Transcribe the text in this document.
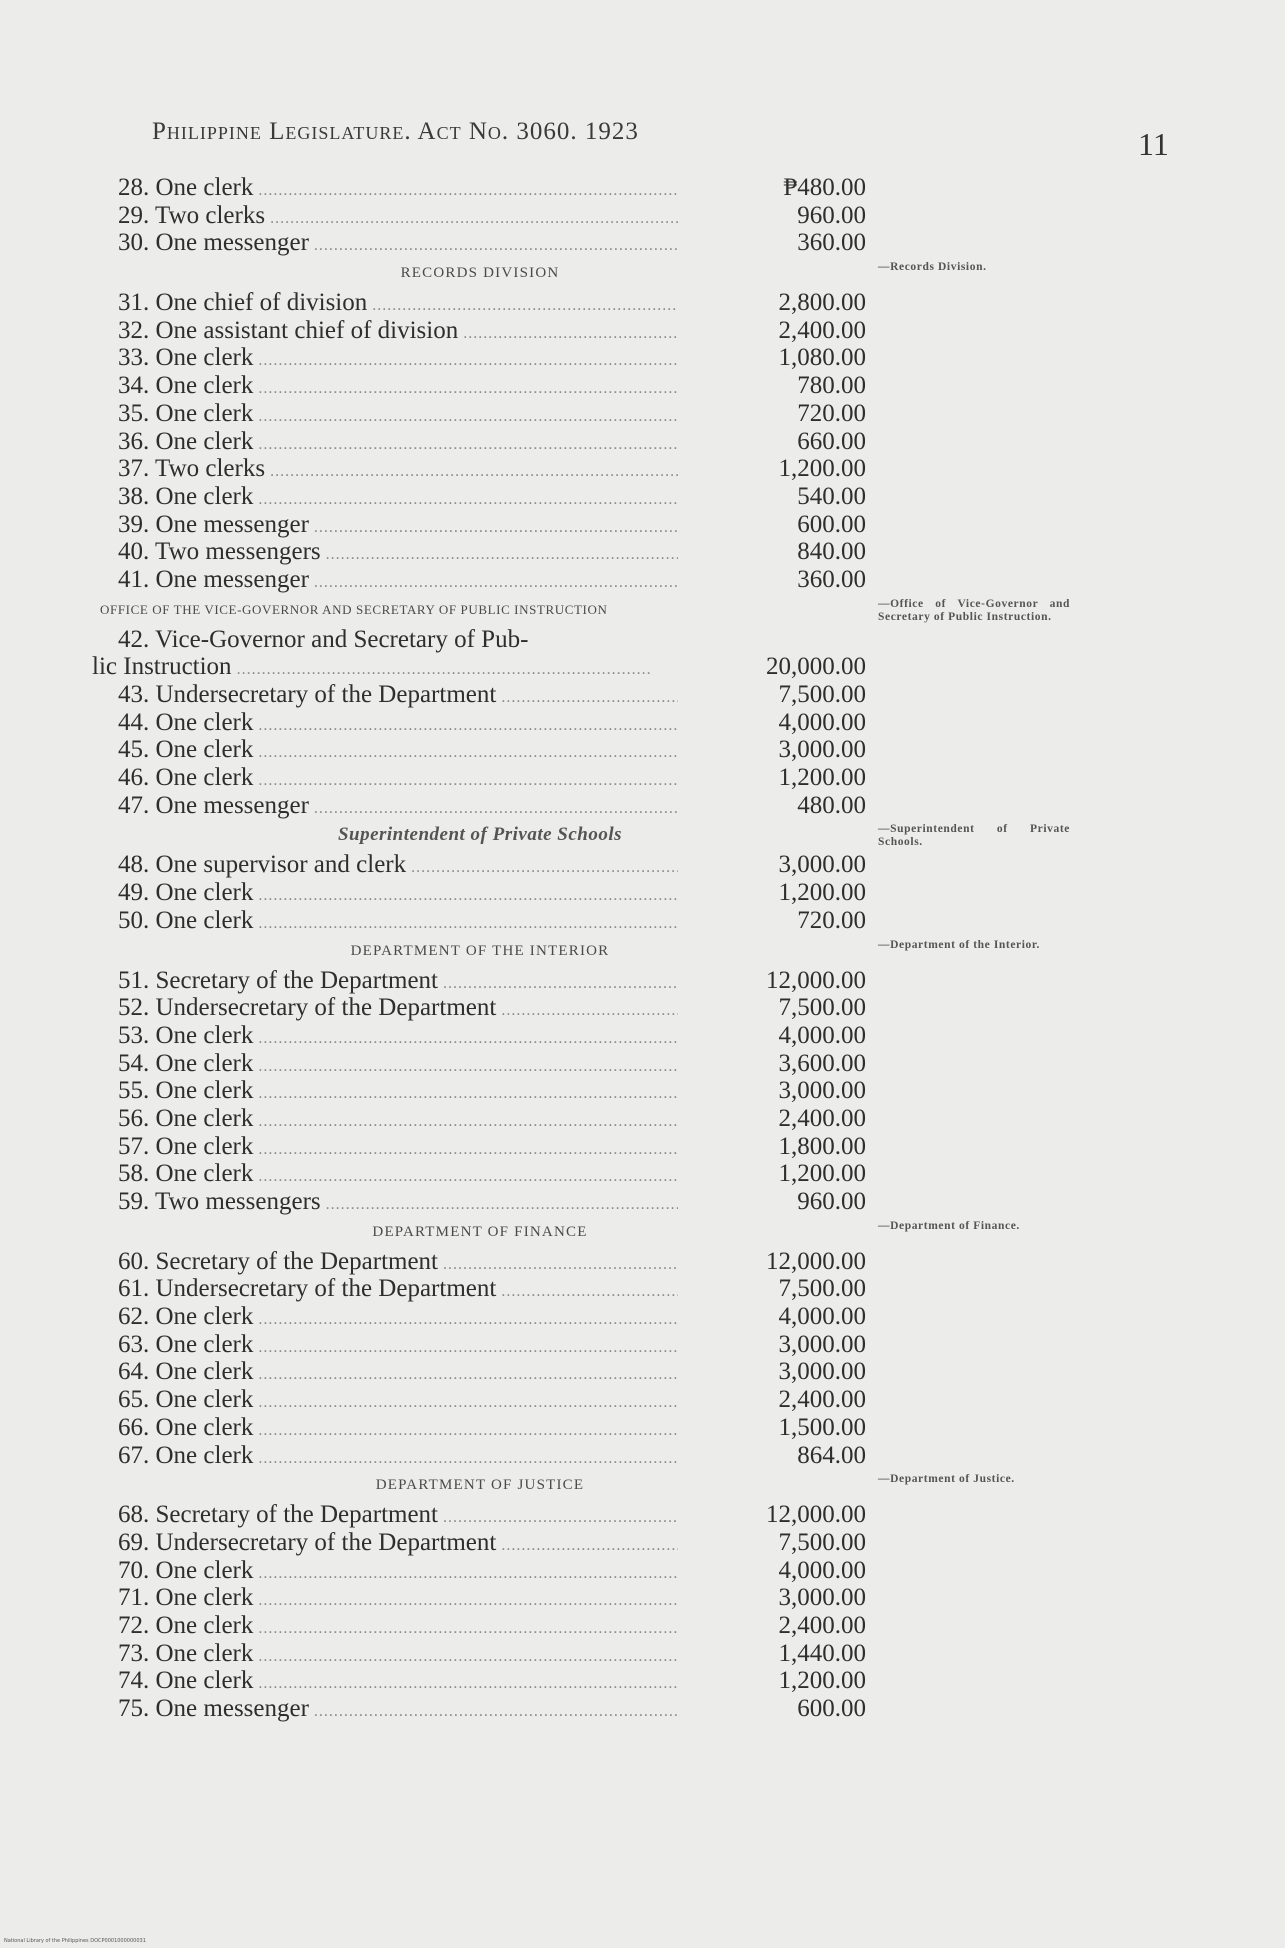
Philippine Legislature. Act No. 3060. 1923	11
28. One clerk .....	₱480.00
29. Two clerks .....	960.00
30. One messenger .....	360.00
RECORDS DIVISION
31. One chief of division .....	2,800.00
32. One assistant chief of division .....	2,400.00
33. One clerk .....	1,080.00
34. One clerk .....	780.00
35. One clerk .....	720.00
36. One clerk .....	660.00
37. Two clerks .....	1,200.00
38. One clerk .....	540.00
39. One messenger .....	600.00
40. Two messengers .....	840.00
41. One messenger .....	360.00
OFFICE OF THE VICE-GOVERNOR AND SECRETARY OF PUBLIC INSTRUCTION
42. Vice-Governor and Secretary of Pub-
lic Instruction .....	20,000.00
43. Undersecretary of the Department .....	7,500.00
44. One clerk .....	4,000.00
45. One clerk .....	3,000.00
46. One clerk .....	1,200.00
47. One messenger .....	480.00
Superintendent of Private Schools
48. One supervisor and clerk .....	3,000.00
49. One clerk .....	1,200.00
50. One clerk .....	720.00
DEPARTMENT OF THE INTERIOR
51. Secretary of the Department .....	12,000.00
52. Undersecretary of the Department .....	7,500.00
53. One clerk .....	4,000.00
54. One clerk .....	3,600.00
55. One clerk .....	3,000.00
56. One clerk .....	2,400.00
57. One clerk .....	1,800.00
58. One clerk .....	1,200.00
59. Two messengers .....	960.00
DEPARTMENT OF FINANCE
60. Secretary of the Department .....	12,000.00
61. Undersecretary of the Department .....	7,500.00
62. One clerk .....	4,000.00
63. One clerk .....	3,000.00
64. One clerk .....	3,000.00
65. One clerk .....	2,400.00
66. One clerk .....	1,500.00
67. One clerk .....	864.00
DEPARTMENT OF JUSTICE
68. Secretary of the Department .....	12,000.00
69. Undersecretary of the Department .....	7,500.00
70. One clerk .....	4,000.00
71. One clerk .....	3,000.00
72. One clerk .....	2,400.00
73. One clerk .....	1,440.00
74. One clerk .....	1,200.00
75. One messenger .....	600.00
—Records Division.
—Office of Vice-Governor and Secretary of Public Instruction.
—Superintendent of Private Schools.
—Department of the Interior.
—Department of Finance.
—Department of Justice.
National Library of the Philippines DOCP0001000000031
